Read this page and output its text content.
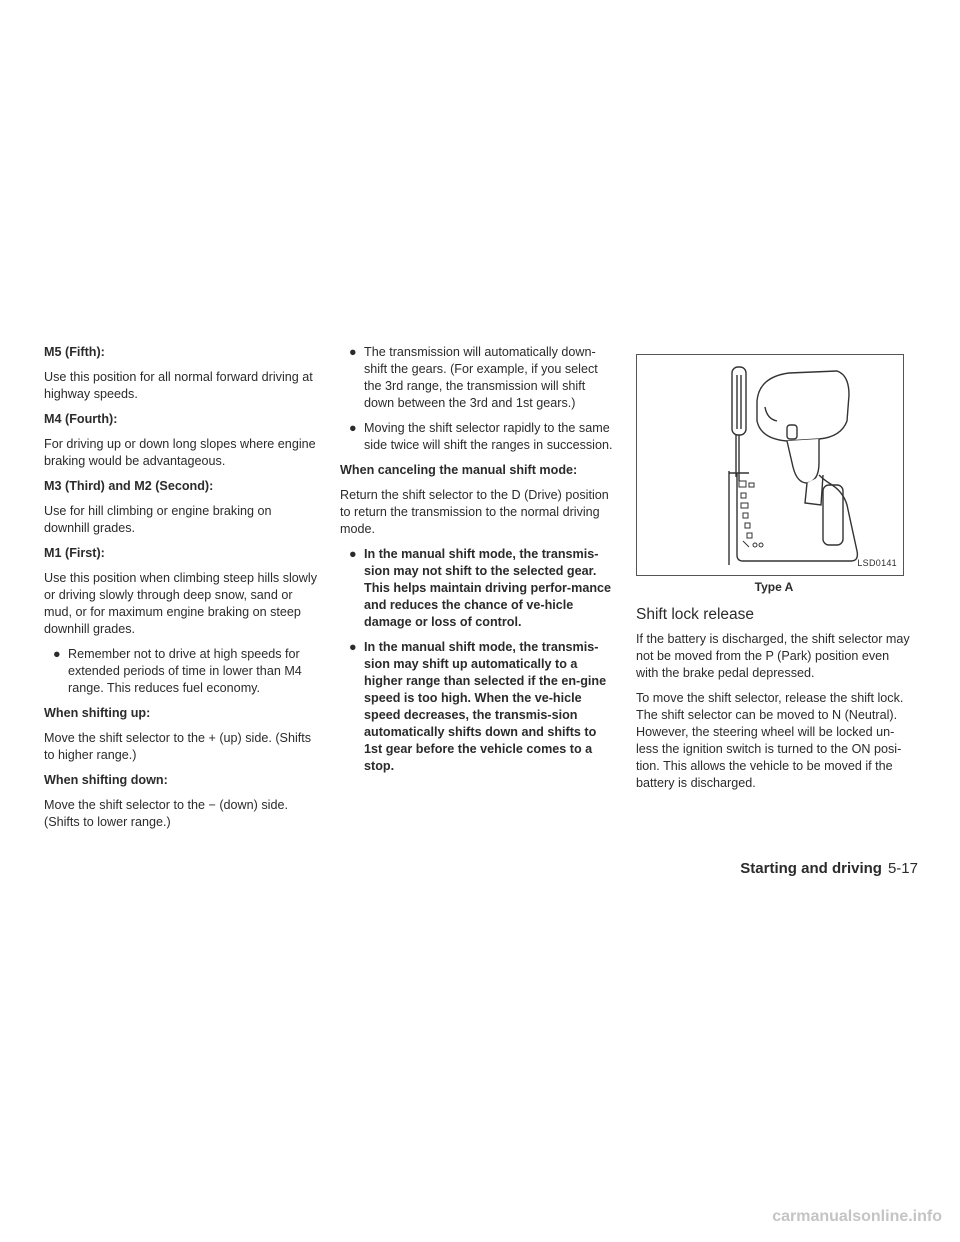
M5 (Fifth):
Use this position for all normal forward driving at highway speeds.
M4 (Fourth):
For driving up or down long slopes where engine braking would be advantageous.
M3 (Third) and M2 (Second):
Use for hill climbing or engine braking on downhill grades.
M1 (First):
Use this position when climbing steep hills slowly or driving slowly through deep snow, sand or mud, or for maximum engine braking on steep downhill grades.
● Remember not to drive at high speeds for extended periods of time in lower than M4 range. This reduces fuel economy.
When shifting up:
Move the shift selector to the + (up) side. (Shifts to higher range.)
When shifting down:
Move the shift selector to the − (down) side. (Shifts to lower range.)
● The transmission will automatically down-shift the gears. (For example, if you select the 3rd range, the transmission will shift down between the 3rd and 1st gears.)
● Moving the shift selector rapidly to the same side twice will shift the ranges in succession.
When canceling the manual shift mode:
Return the shift selector to the D (Drive) position to return the transmission to the normal driving mode.
● In the manual shift mode, the transmis-sion may not shift to the selected gear. This helps maintain driving perfor-mance and reduces the chance of ve-hicle damage or loss of control.
● In the manual shift mode, the transmis-sion may shift up automatically to a higher range than selected if the en-gine speed is too high. When the ve-hicle speed decreases, the transmis-sion automatically shifts down and shifts to 1st gear before the vehicle comes to a stop.
LSD0141
Type A
Shift lock release
If the battery is discharged, the shift selector may not be moved from the P (Park) position even with the brake pedal depressed.
To move the shift selector, release the shift lock. The shift selector can be moved to N (Neutral). However, the steering wheel will be locked un-less the ignition switch is turned to the ON posi-tion. This allows the vehicle to be moved if the battery is discharged.
Starting and driving 5-17
carmanualsonline.info
